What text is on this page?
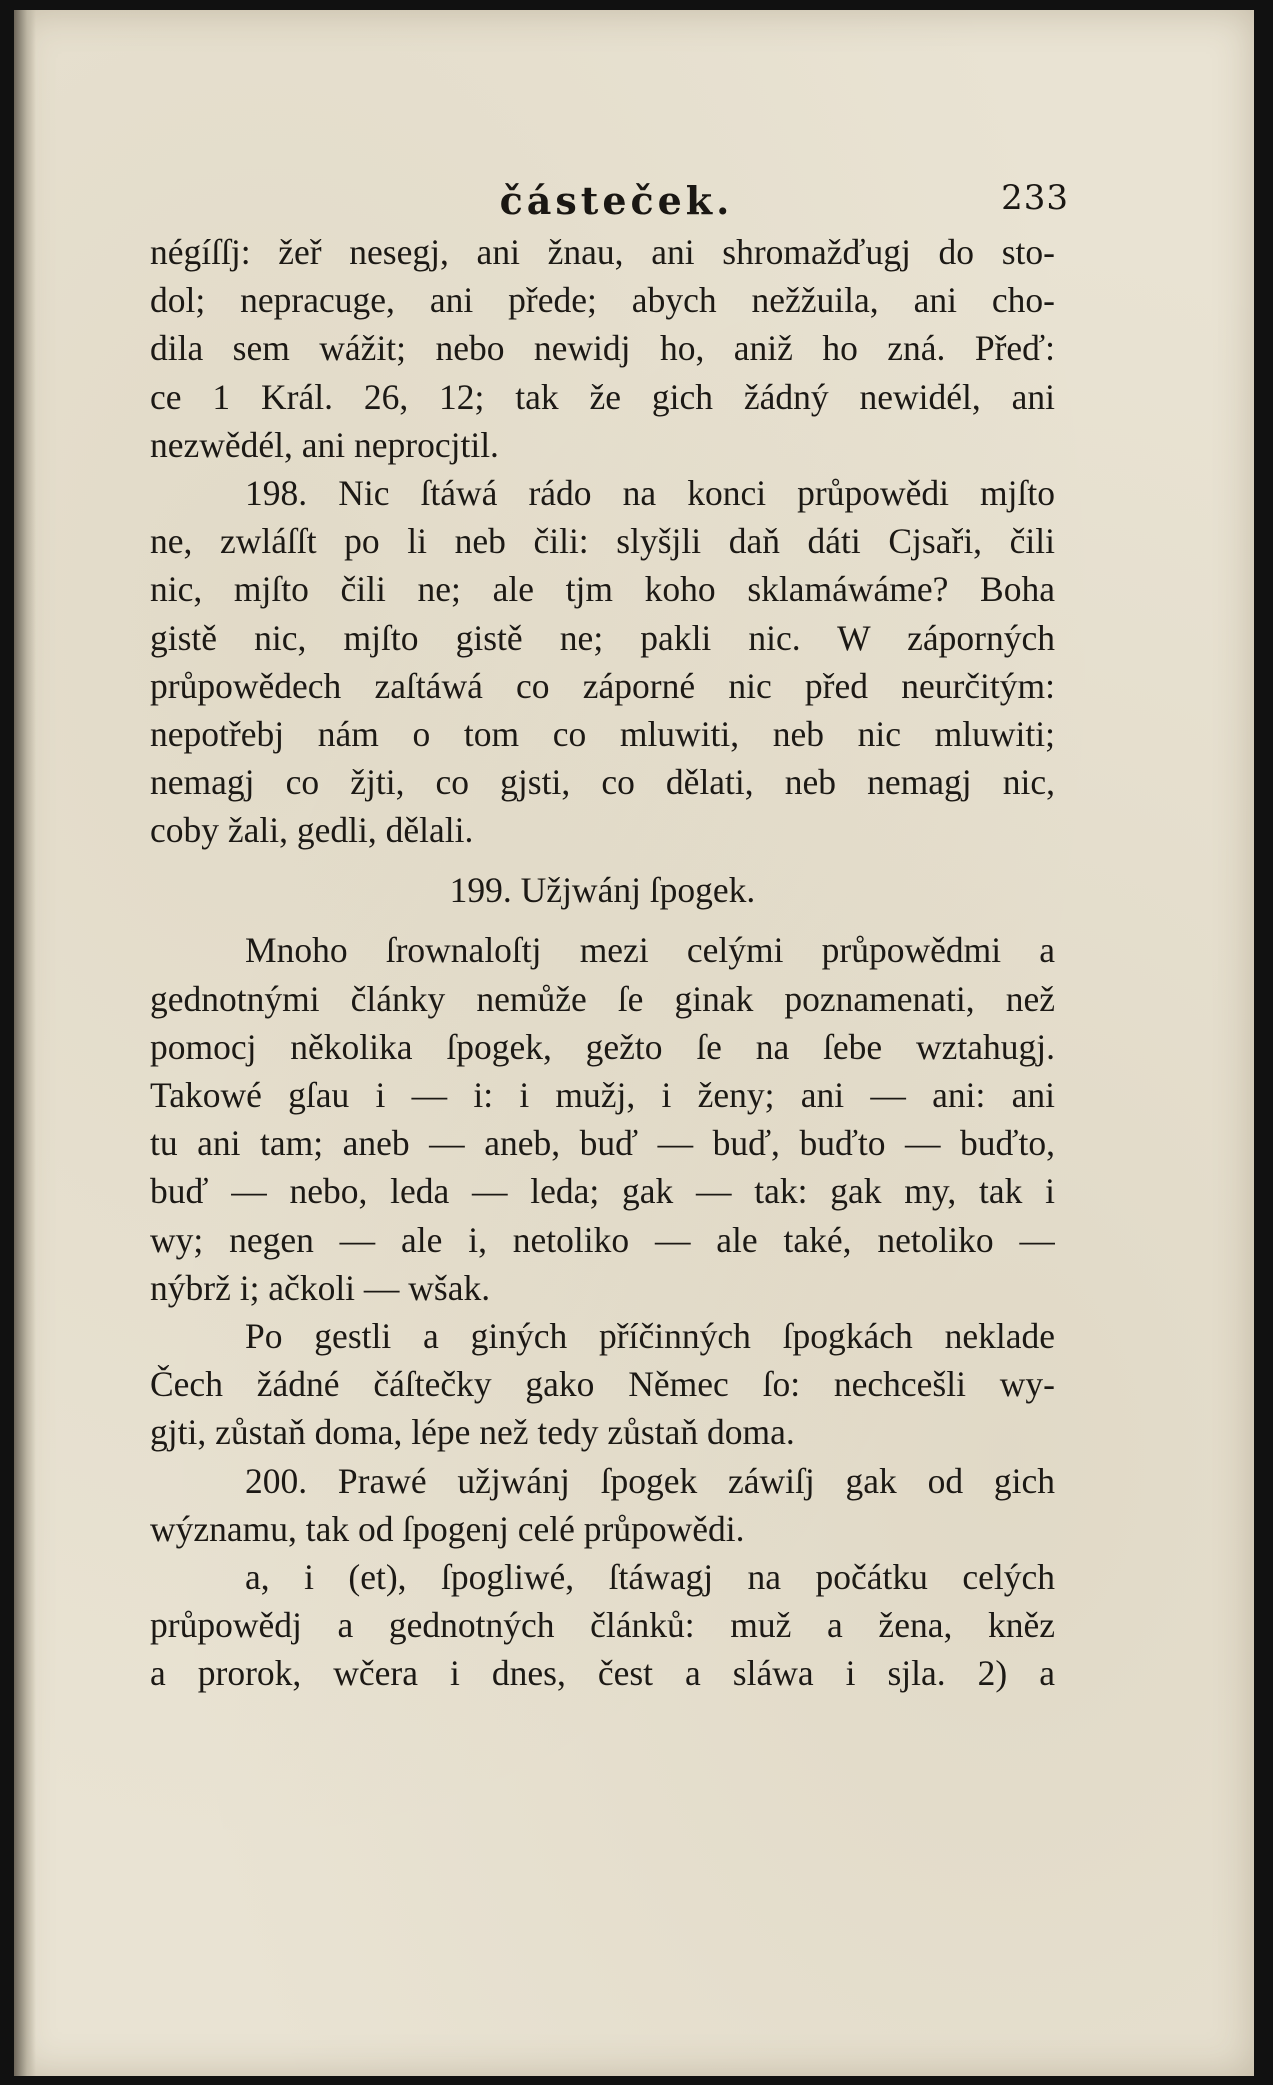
částeček.	233
négíſſj: žeř nesegj, ani žnau, ani shromažďugj do sto-
dol; nepracuge, ani přede; abych nežžuila, ani cho-
dila sem wážit; nebo newidj ho, aniž ho zná. Přeď:
ce 1 Král. 26, 12; tak že gich žádný newidél, ani
nezwědél, ani neprocjtil.
198. Nic ſtáwá rádo na konci průpowědi mjſto
ne, zwláſſt po li neb čili: slyšjli daň dáti Cjsaři, čili
nic, mjſto čili ne; ale tjm koho sklamáwáme? Boha
gistě nic, mjſto gistě ne; pakli nic. W záporných
průpowědech zaſtáwá co záporné nic před neurčitým:
nepotřebj nám o tom co mluwiti, neb nic mluwiti;
nemagj co žjti, co gjsti, co dělati, neb nemagj nic,
coby žali, gedli, dělali.
199. Užjwánj ſpogek.
Mnoho ſrownaloſtj mezi celými průpowědmi a
gednotnými články nemůže ſe ginak poznamenati, než
pomocj několika ſpogek, gežto ſe na ſebe wztahugj.
Takowé gſau i — i: i mužj, i ženy; ani — ani: ani
tu ani tam; aneb — aneb, buď — buď, buďto — buďto,
buď — nebo, leda — leda; gak — tak: gak my, tak i
wy; negen — ale i, netoliko — ale také, netoliko —
nýbrž i; ačkoli — wšak.
Po gestli a giných příčinných ſpogkách neklade
Čech žádné čáſtečky gako Němec ſo: nechcešli wy-
gjti, zůstaň doma, lépe než tedy zůstaň doma.
200. Prawé užjwánj ſpogek záwiſj gak od gich
wýznamu, tak od ſpogenj celé průpowědi.
a, i (et), ſpogliwé, ſtáwagj na počátku celých
průpowědj a gednotných článků: muž a žena, kněz
a prorok, wčera i dnes, čest a sláwa i sjla. 2) a
